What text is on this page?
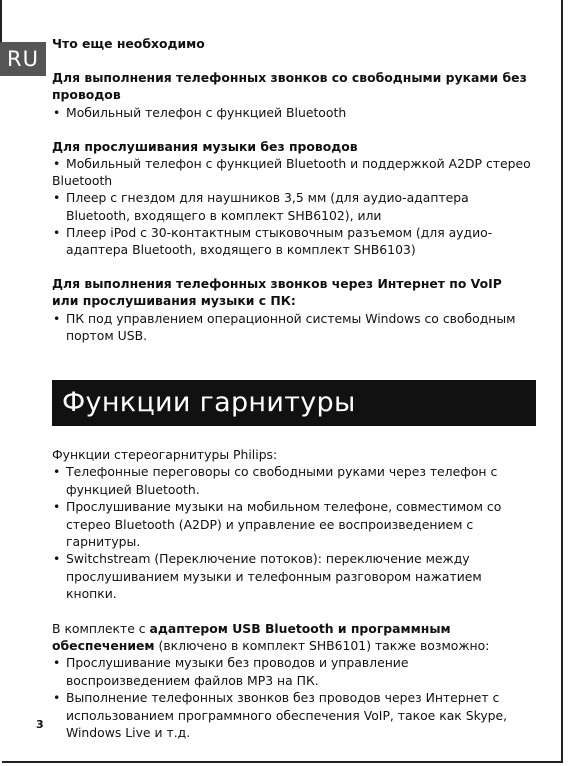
RU

Что еще необходимо

Для выполнения телефонных звонков со свободными руками без проводов

• Мобильный телефон с функцией Bluetooth

Для прослушивания музыки без проводов

• Мобильный телефон с функцией Bluetooth и поддержкой A2DP стерео
Bluetooth
• Плеер с гнездом для наушников 3,5 мм (для аудио-адаптера Bluetooth, входящего в комплект SHB6102), или
• Плеер iPod с 30-контактным стыковочным разъемом (для аудио-адаптера Bluetooth, входящего в комплект SHB6103)

Для выполнения телефонных звонков через Интернет по VoIP или прослушивания музыки с ПК:

• ПК под управлением операционной системы Windows со свободным портом USB.
Функции гарнитуры

Функции стереогарнитуры Philips:

• Телефонные переговоры со свободными руками через телефон с функцией Bluetooth.
• Прослушивание музыки на мобильном телефоне, совместимом со стерео Bluetooth (A2DP) и управление ее воспроизведением с гарнитуры.
• Switchstream (Переключение потоков): переключение между прослушиванием музыки и телефонным разговором нажатием кнопки.

В комплекте с адаптером USB Bluetooth и программным обеспечением (включено в комплект SHB6101) также возможно:

• Прослушивание музыки без проводов и управление воспроизведением файлов MP3 на ПК.
• Выполнение телефонных звонков без проводов через Интернет с использованием программного обеспечения VoIP, такое как Skype, Windows Live и т.д.
3
